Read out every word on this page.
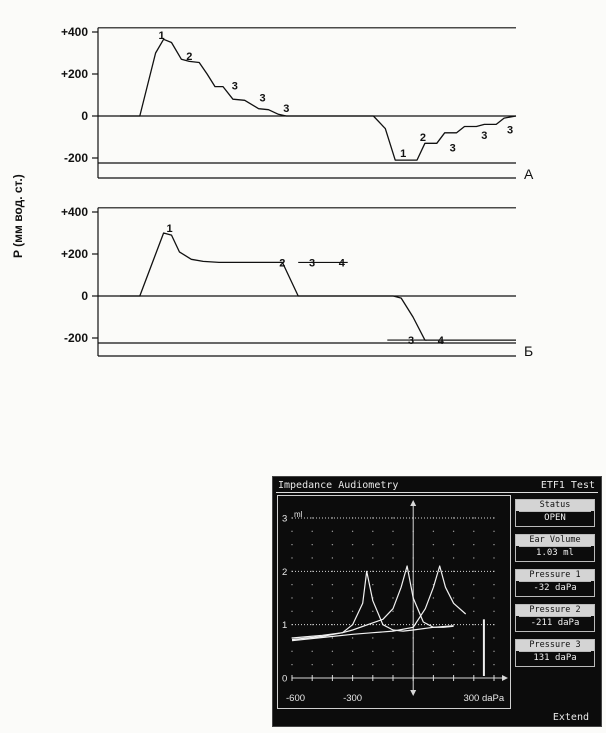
+400
+200
0
-200
1
2
3
3
3
1
2
3
3 3
+400
+200
0
-200
1
2 3 4
3 4
P (мм вод. ст.)
А
Б
Impedance Audiometry	ETF1 Test
0
1
2
3 ml
-600	-300	300 daPa
Status
OPEN
Ear Volume
1.03 ml
Pressure 1
-32 daPa
Pressure 2
-211 daPa
Pressure 3
131 daPa
Extend
